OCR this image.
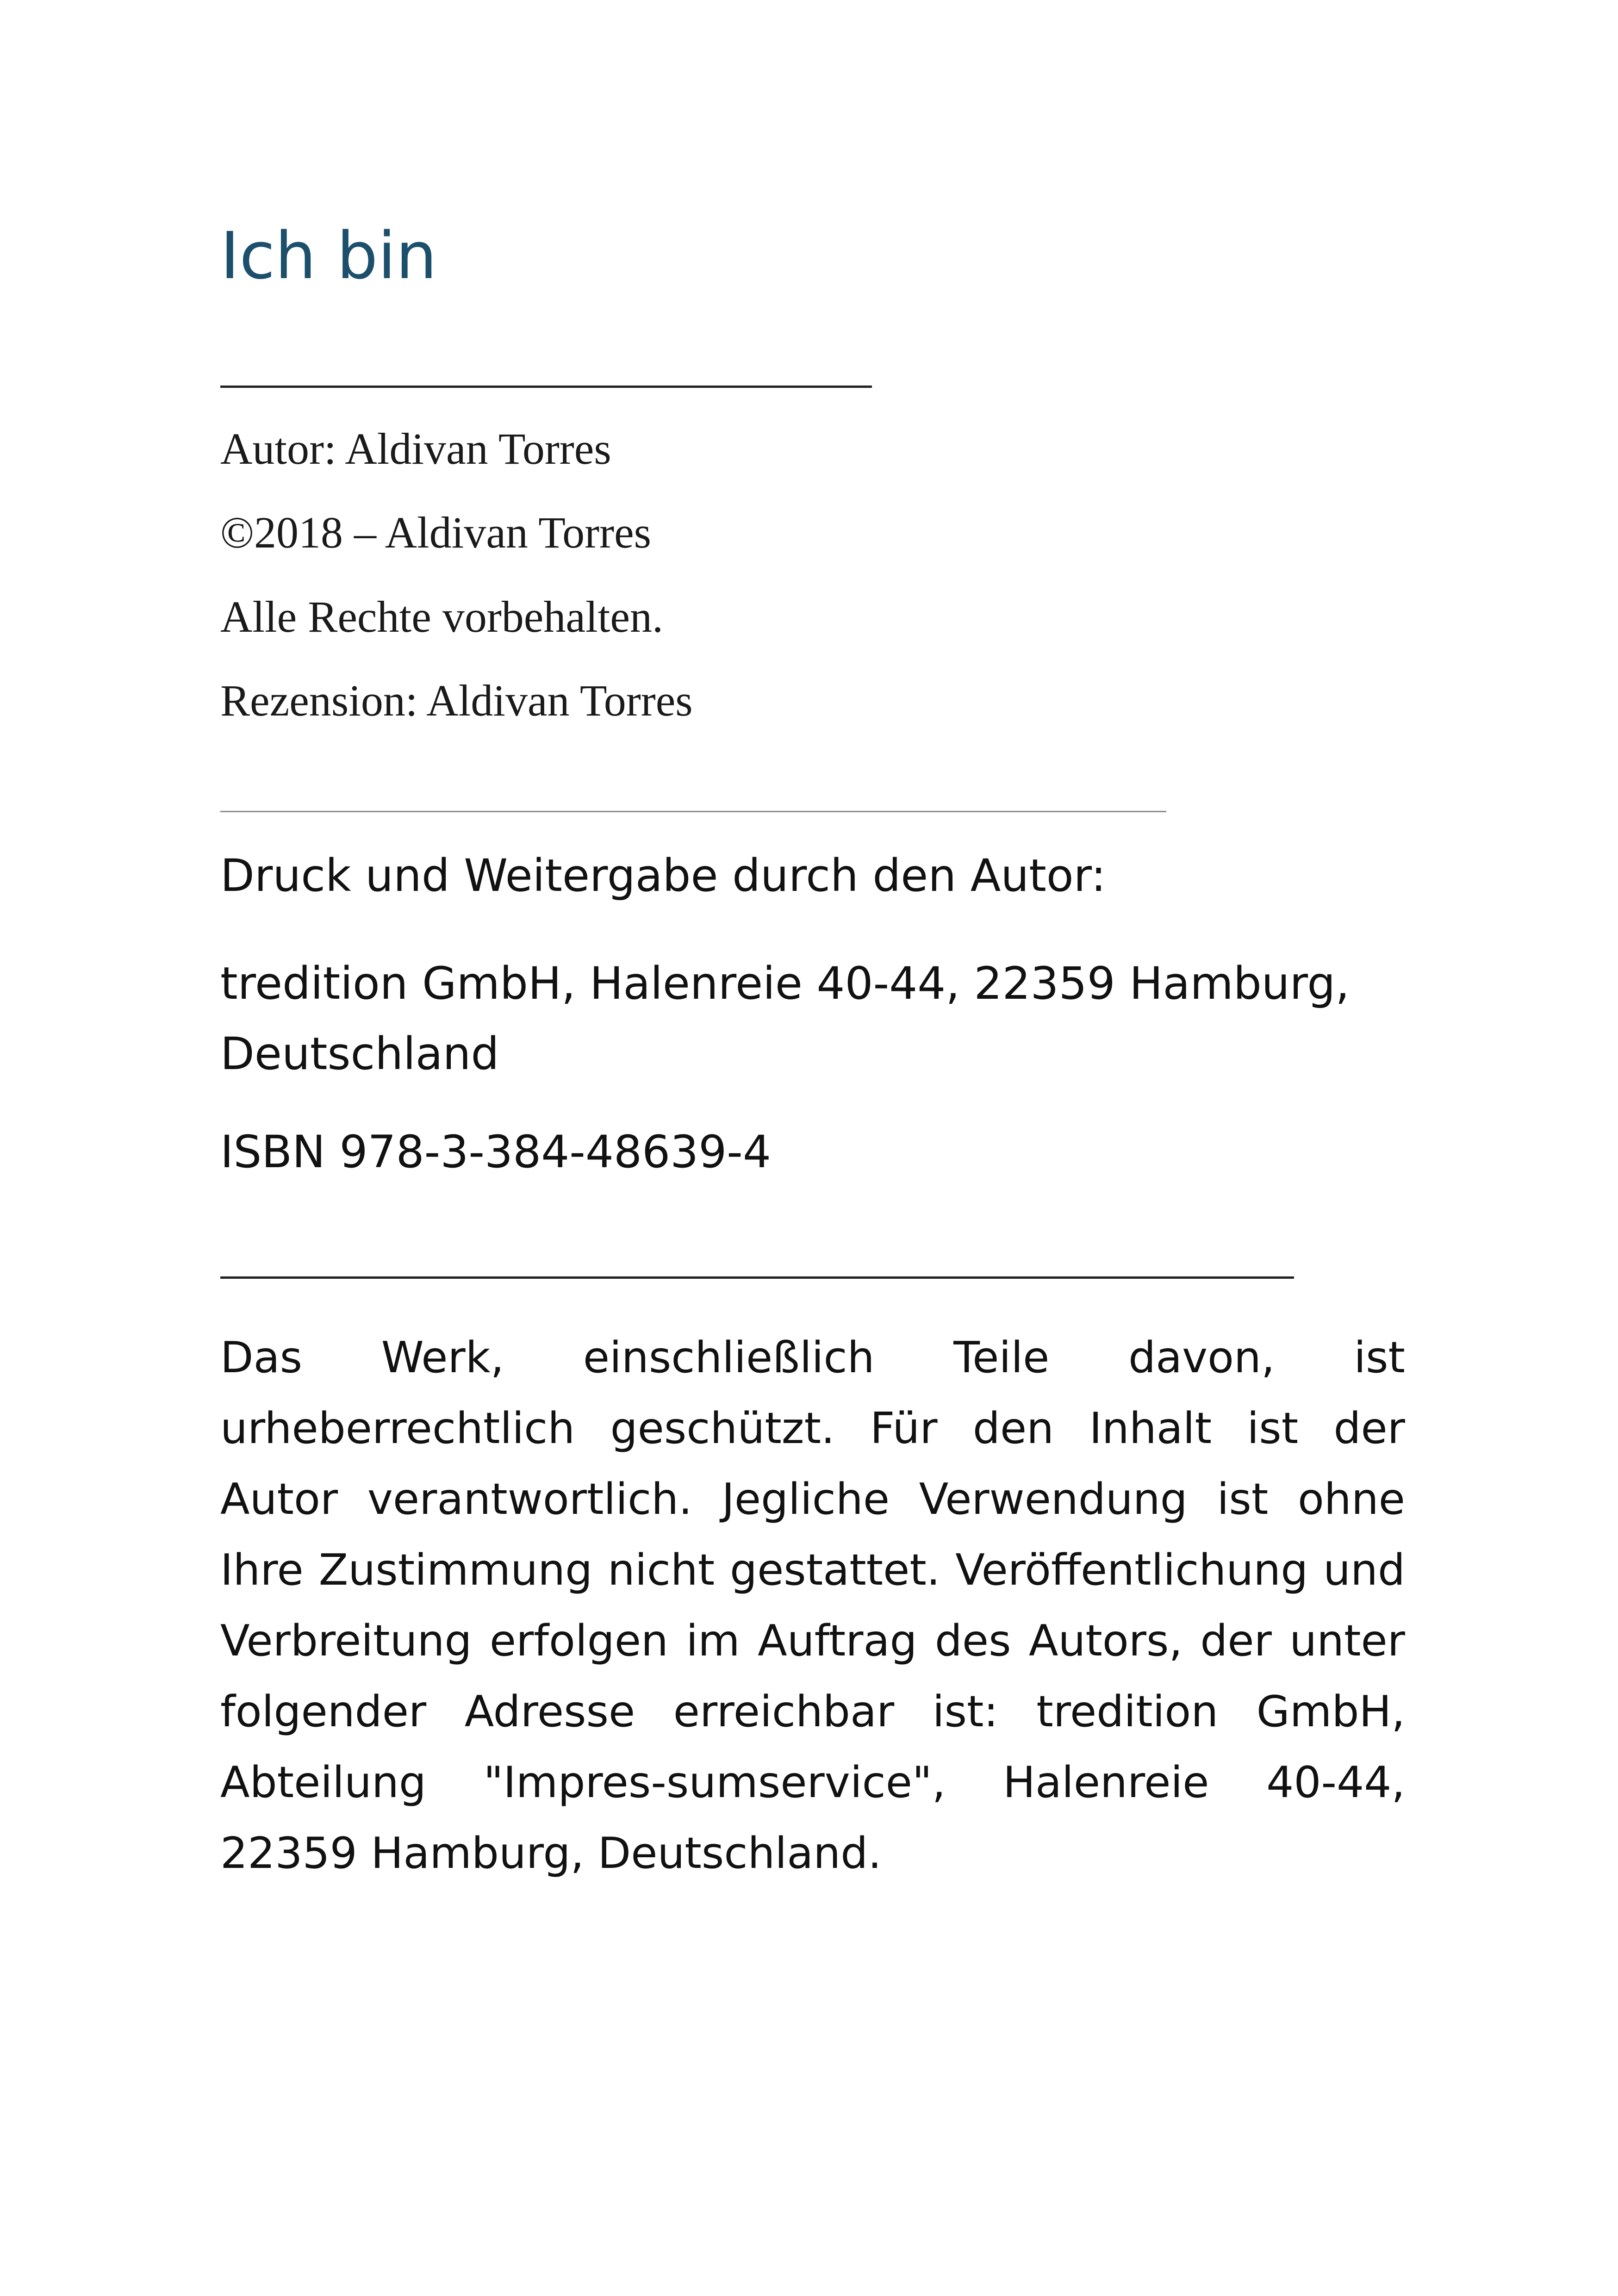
Ich bin

Autor: Aldivan Torres

©2018 – Aldivan Torres

Alle Rechte vorbehalten.

Rezension: Aldivan Torres

Druck und Weitergabe durch den Autor:

tredition GmbH, Halenreie 40-44, 22359 Hamburg, Deutschland

ISBN 978-3-384-48639-4

Das Werk, einschließlich Teile davon, ist urheberrechtlich geschützt. Für den Inhalt ist der Autor verantwortlich. Jegliche Verwendung ist ohne Ihre Zustimmung nicht gestattet. Veröffentlichung und Verbreitung erfolgen im Auftrag des Autors, der unter folgender Adresse erreichbar ist: tredition GmbH, Abteilung "Impres-sumservice", Halenreie 40-44, 22359 Hamburg, Deutschland.
